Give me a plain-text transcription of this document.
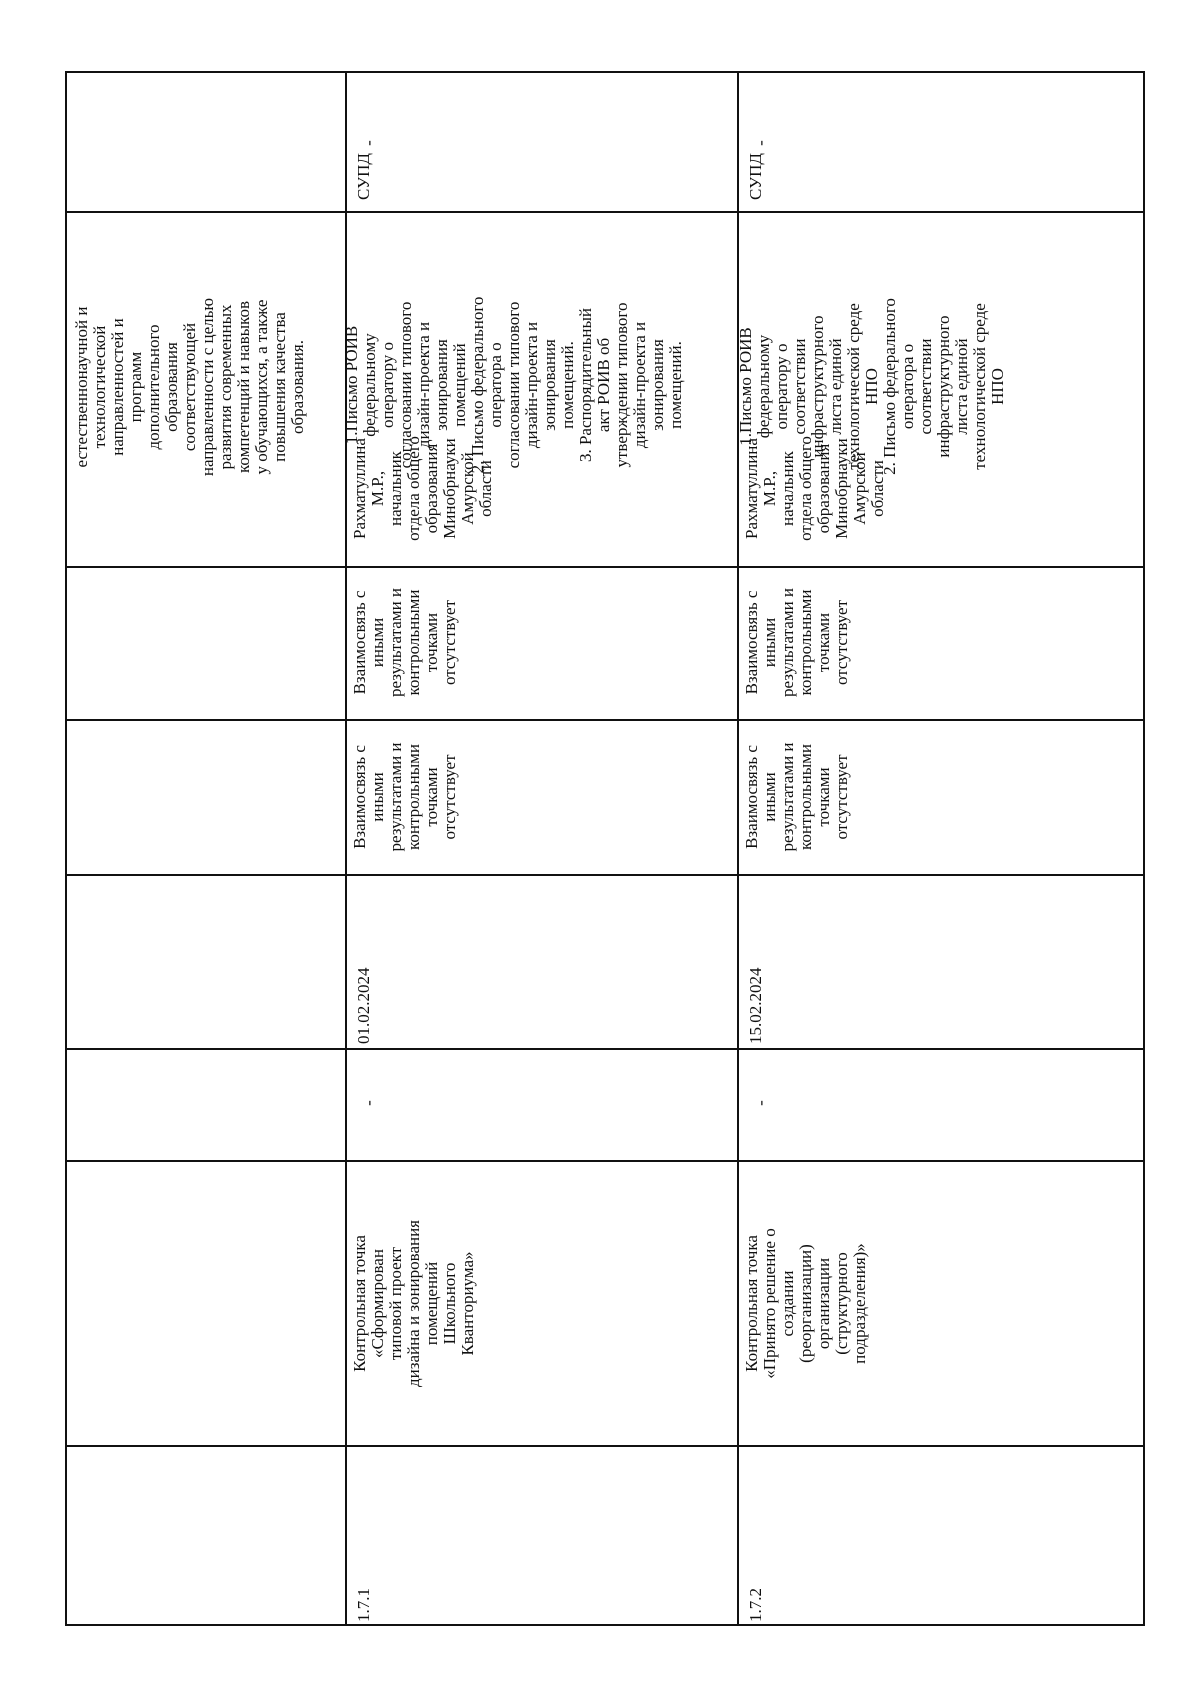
естественнонаучной и
технологической
направленностей и
программ
дополнительного
образования
соответствующей
направленности с целью
развития современных
компетенций и навыков
у обучающихся, а также
повышения качества
образования.
1.7.1
Контрольная точка
«Сформирован
типовой проект
дизайна и зонирования
помещений
Школьного
Кванториума»
-
01.02.2024
Взаимосвязь с
иными
результатами и
контрольными
точками
отсутствует
Взаимосвязь с
иными
результатами и
контрольными
точками
отсутствует
Рахматуллина
М.Р.,
начальник
отдела общего
образования
Минобрнауки
Амурской
области
-
1.7.2
Контрольная точка
«Принято решение о
создании
(реорганизации)
организации
(структурного
подразделения)»
-
15.02.2024
Взаимосвязь с
иными
результатами и
контрольными
точками
отсутствует
Взаимосвязь с
иными
результатами и
контрольными
точками
отсутствует
Рахматуллина
М.Р.,
начальник
отдела общего
образования
Минобрнауки
Амурской
области
1.Письмо РОИВ
федеральному
оператору о
соответствии
инфраструктурного
листа единой
технологической среде
НПО
2. Письмо федерального
оператора о
соответствии
инфраструктурного
листа единой
технологической среде
НПО
-
1.Письмо РОИВ
федеральному
оператору о
согласовании типового
дизайн-проекта и
зонирования
помещений
2. Письмо федерального
оператора о
согласовании типового
дизайн-проекта и
зонирования
помещений.
3. Распорядительный
акт РОИВ об
утверждении типового
дизайн-проекта и
зонирования
помещений.
СУПД	СУПД
